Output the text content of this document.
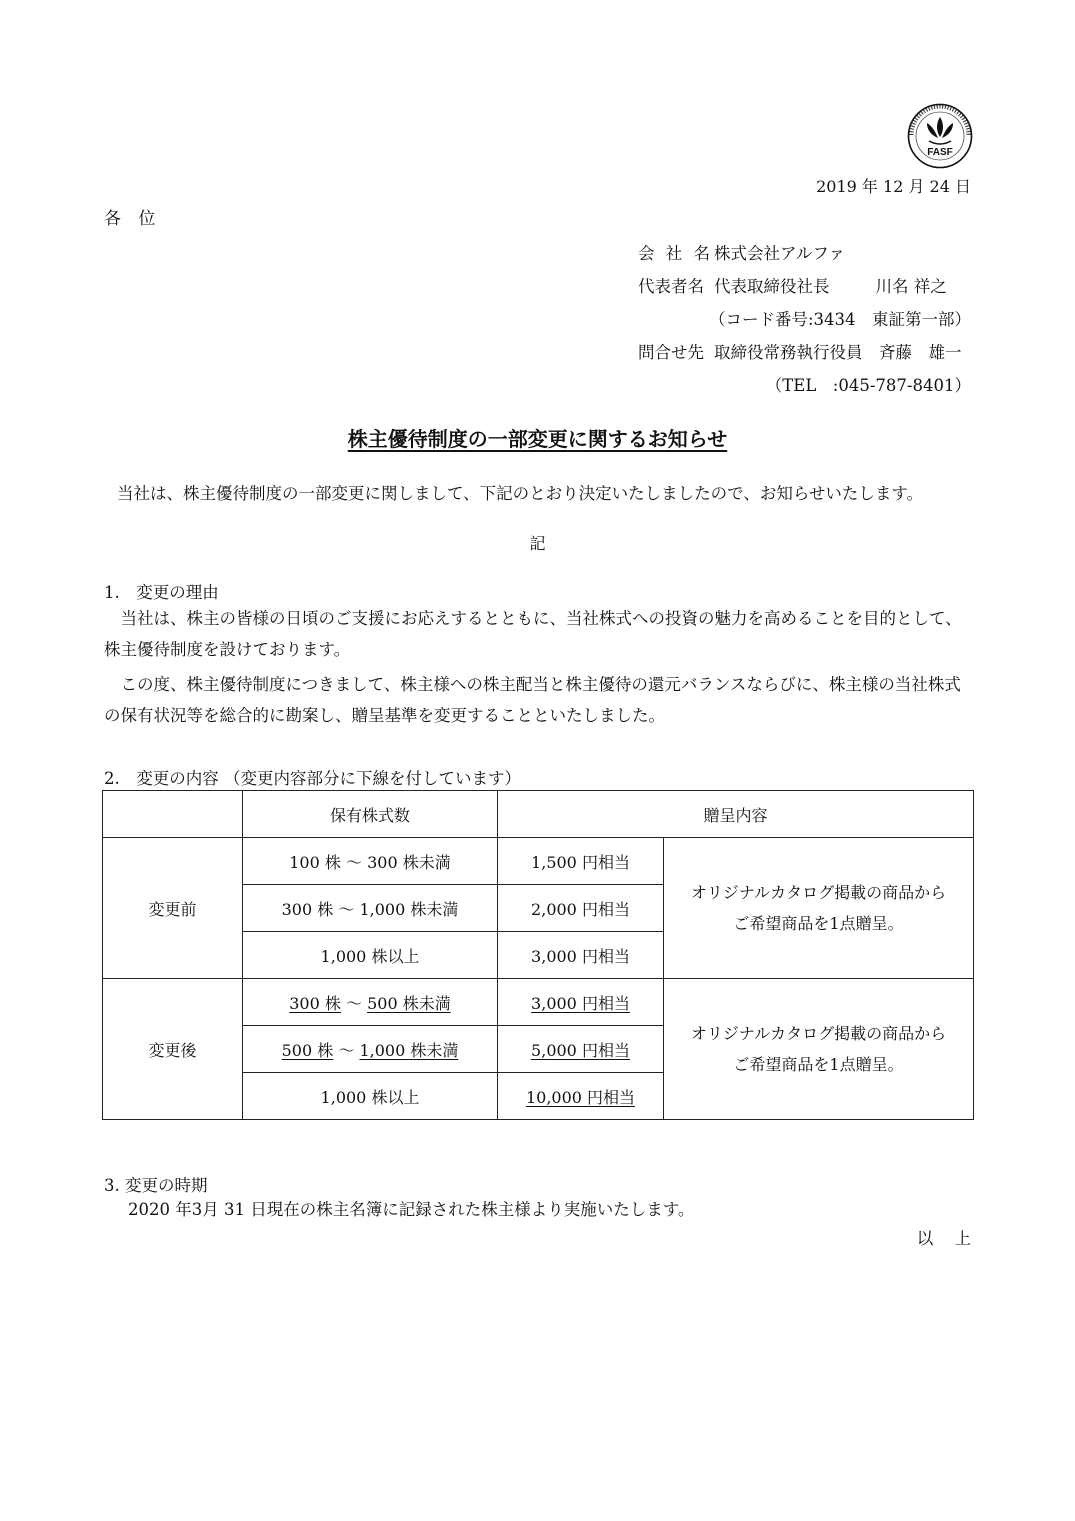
FASF
2019 年 12 月 24 日
各 位
会 社 名 株式会社アルファ
代表者名 代表取締役社長	川名 祥之
（コード番号:3434　東証第一部）
問合せ先 取締役常務執行役員　斉藤　雄一
（TEL　:045-787-8401）
株主優待制度の一部変更に関するお知らせ
当社は、株主優待制度の一部変更に関しまして、下記のとおり決定いたしましたので、お知らせいたします。
記
1.　変更の理由
　当社は、株主の皆様の日頃のご支援にお応えするとともに、当社株式への投資の魅力を高めることを目的として、株主優待制度を設けております。
　この度、株主優待制度につきまして、株主様への株主配当と株主優待の還元バランスならびに、株主様の当社株式の保有状況等を総合的に勘案し、贈呈基準を変更することといたしました。
2.　変更の内容 （変更内容部分に下線を付しています）
	保有株式数	贈呈内容	
変更前	100 株 ～ 300 株未満	1,500 円相当	オリジナルカタログ掲載の商品から
ご希望商品を1点贈呈。
	300 株 ～ 1,000 株未満	2,000 円相当	
	1,000 株以上	3,000 円相当	
変更後	300 株 ～ 500 株未満	3,000 円相当	オリジナルカタログ掲載の商品から
ご希望商品を1点贈呈。
	500 株 ～ 1,000 株未満	5,000 円相当	
	1,000 株以上	10,000 円相当	
3. 変更の時期
2020 年3月 31 日現在の株主名簿に記録された株主様より実施いたします。
以 上
